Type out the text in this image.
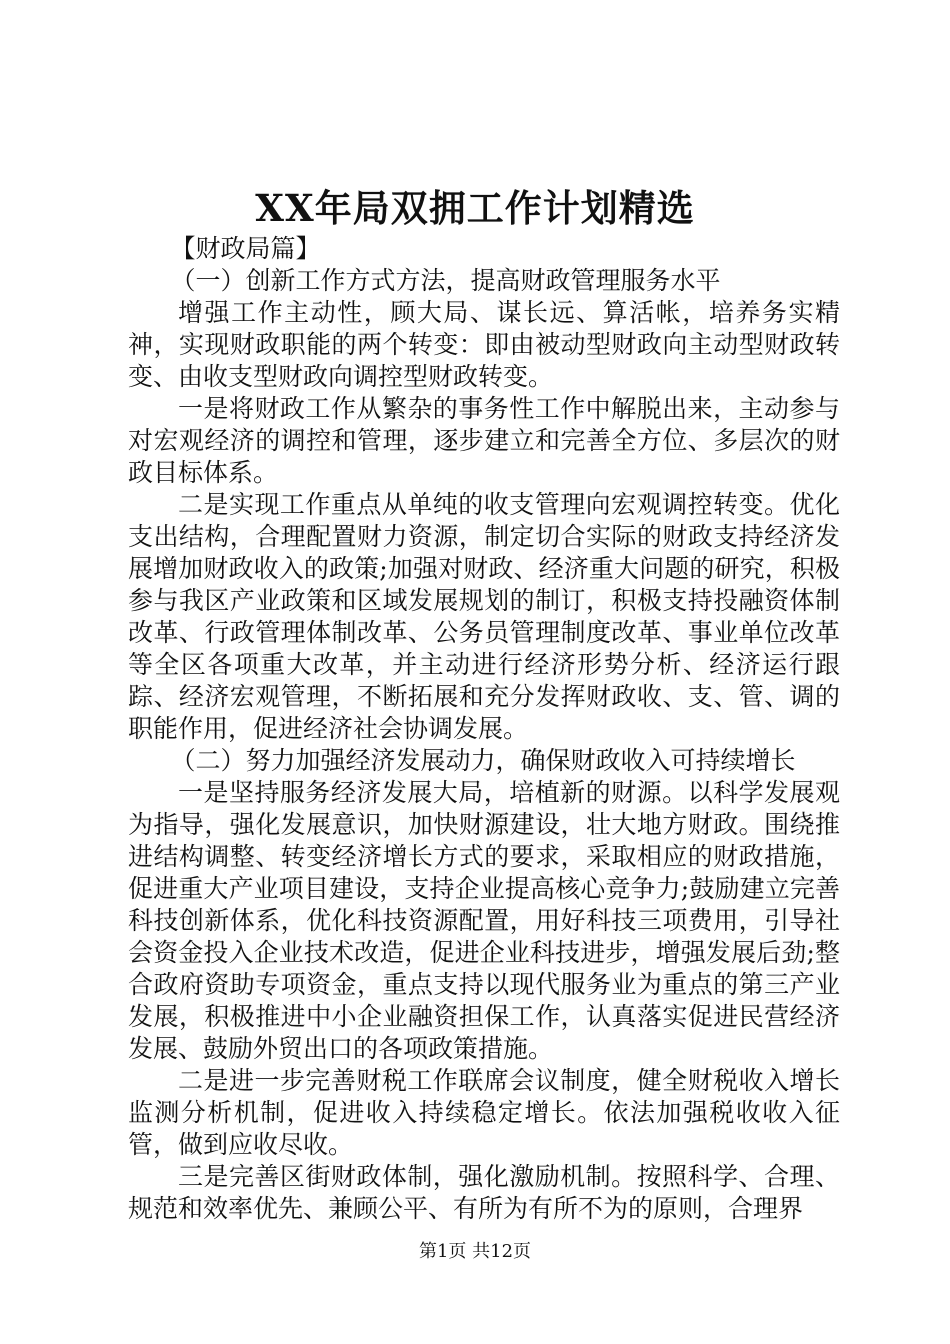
XX年局双拥工作计划精选

【财政局篇】

（一）创新工作方式方法，提高财政管理服务水平

增强工作主动性，顾大局、谋长远、算活帐，培养务实精神，实现财政职能的两个转变：即由被动型财政向主动型财政转变、由收支型财政向调控型财政转变。

一是将财政工作从繁杂的事务性工作中解脱出来，主动参与对宏观经济的调控和管理，逐步建立和完善全方位、多层次的财政目标体系。

二是实现工作重点从单纯的收支管理向宏观调控转变。优化支出结构，合理配置财力资源，制定切合实际的财政支持经济发展增加财政收入的政策;加强对财政、经济重大问题的研究，积极参与我区产业政策和区域发展规划的制订，积极支持投融资体制改革、行政管理体制改革、公务员管理制度改革、事业单位改革等全区各项重大改革，并主动进行经济形势分析、经济运行跟踪、经济宏观管理，不断拓展和充分发挥财政收、支、管、调的职能作用，促进经济社会协调发展。

（二）努力加强经济发展动力，确保财政收入可持续增长

一是坚持服务经济发展大局，培植新的财源。以科学发展观为指导，强化发展意识，加快财源建设，壮大地方财政。围绕推进结构调整、转变经济增长方式的要求，采取相应的财政措施，促进重大产业项目建设，支持企业提高核心竞争力;鼓励建立完善科技创新体系，优化科技资源配置，用好科技三项费用，引导社会资金投入企业技术改造，促进企业科技进步，增强发展后劲;整合政府资助专项资金，重点支持以现代服务业为重点的第三产业发展，积极推进中小企业融资担保工作，认真落实促进民营经济发展、鼓励外贸出口的各项政策措施。

二是进一步完善财税工作联席会议制度，健全财税收入增长监测分析机制，促进收入持续稳定增长。依法加强税收收入征管，做到应收尽收。

三是完善区街财政体制，强化激励机制。按照科学、合理、规范和效率优先、兼顾公平、有所为有所不为的原则，合理界

第1页 共12页
